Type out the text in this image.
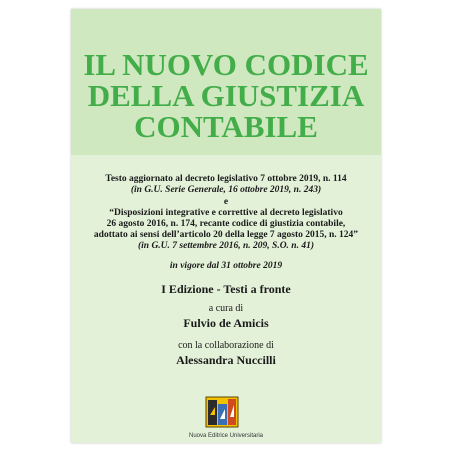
IL NUOVO CODICE
DELLA GIUSTIZIA
CONTABILE

Testo aggiornato al decreto legislativo 7 ottobre 2019, n. 114

(in G.U. Serie Generale, 16 ottobre 2019, n. 243)

e

“Disposizioni integrative e correttive al decreto legislativo

26 agosto 2016, n. 174, recante codice di giustizia contabile,

adottato ai sensi dell’articolo 20 della legge 7 agosto 2015, n. 124”

(in G.U. 7 settembre 2016, n. 209, S.O. n. 41)

in vigore dal 31 ottobre 2019

I Edizione - Testi a fronte

a cura di

Fulvio de Amicis

con la collaborazione di

Alessandra Nuccilli

Nuova Editrice Universitaria
